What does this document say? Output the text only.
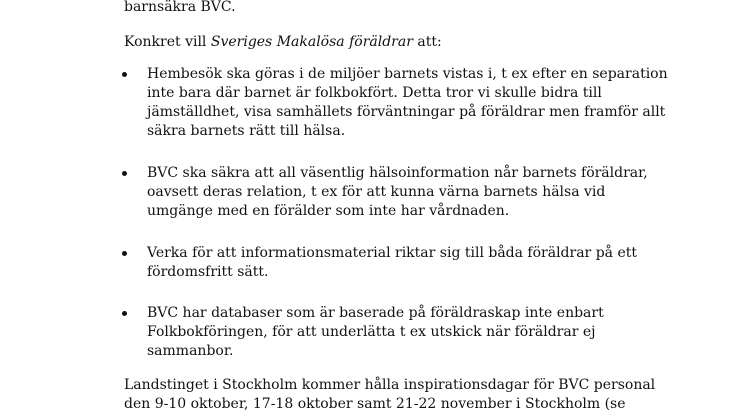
barnsäkra BVC.
Konkret vill Sveriges Makalösa föräldrar att:
Hembesök ska göras i de miljöer barnets vistas i, t ex efter en separation
inte bara där barnet är folkbokfört. Detta tror vi skulle bidra till
jämställdhet, visa samhällets förväntningar på föräldrar men framför allt
säkra barnets rätt till hälsa.
BVC ska säkra att all väsentlig hälsoinformation når barnets föräldrar,
oavsett deras relation, t ex för att kunna värna barnets hälsa vid
umgänge med en förälder som inte har vårdnaden.
Verka för att informationsmaterial riktar sig till båda föräldrar på ett
fördomsfritt sätt.
BVC har databaser som är baserade på föräldraskap inte enbart
Folkbokföringen, för att underlätta t ex utskick när föräldrar ej
sammanbor.
Landstinget i Stockholm kommer hålla inspirationsdagar för BVC personal
den 9-10 oktober, 17-18 oktober samt 21-22 november i Stockholm (se
